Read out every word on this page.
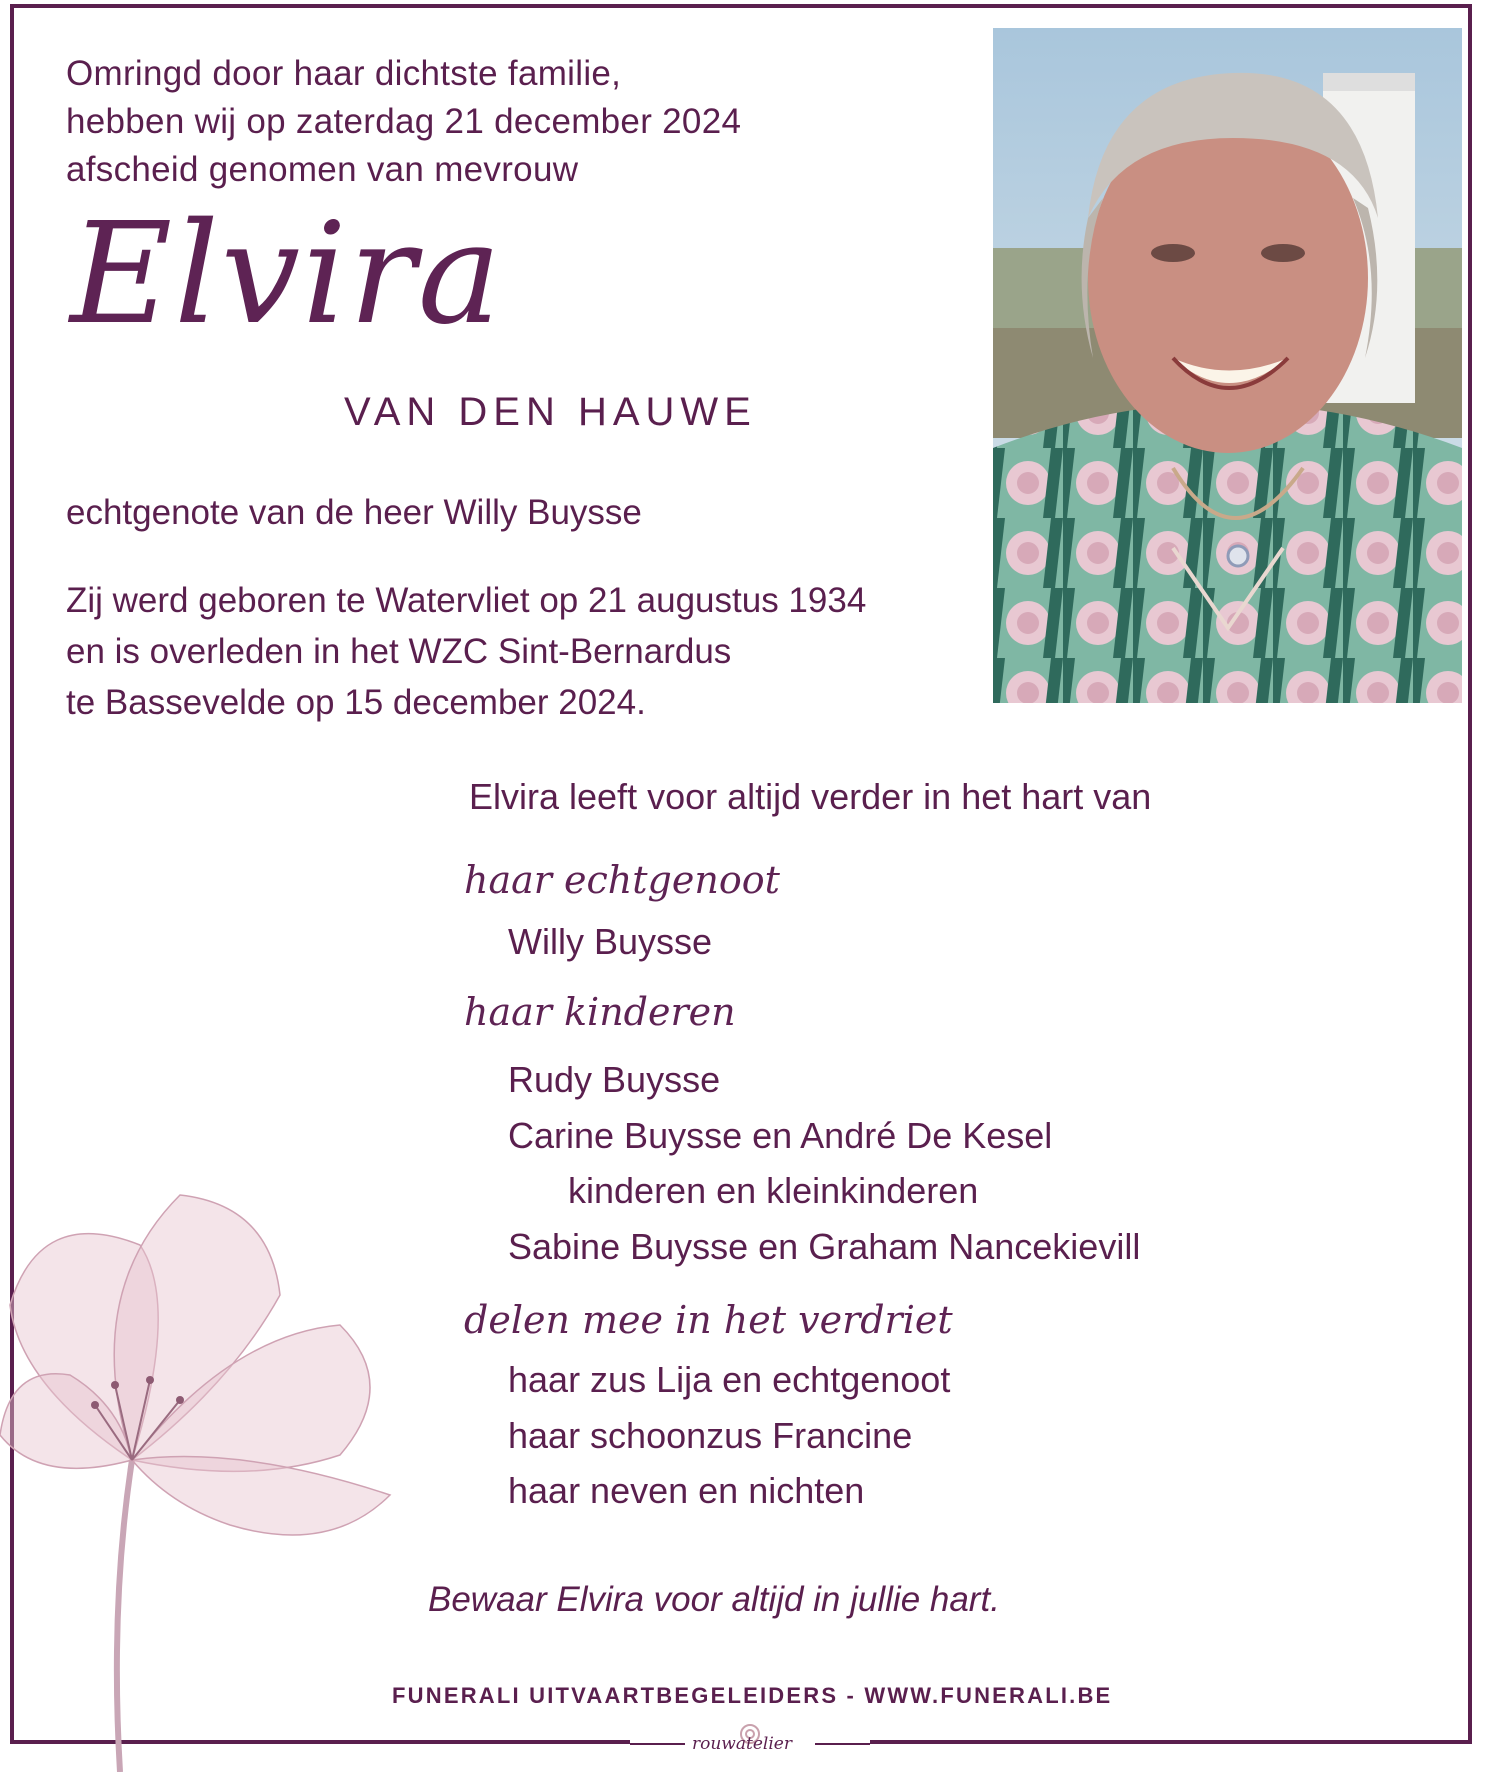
Omringd door haar dichtste familie,
hebben wij op zaterdag 21 december 2024
afscheid genomen van mevrouw

Elvira
VAN DEN HAUWE

echtgenote van de heer Willy Buysse

Zij werd geboren te Watervliet op 21 augustus 1934
en is overleden in het WZC Sint-Bernardus
te Bassevelde op 15 december 2024.

Elvira leeft voor altijd verder in het hart van

haar echtgenoot

Willy Buysse

haar kinderen

Rudy Buysse
Carine Buysse en André De Kesel
kinderen en kleinkinderen
Sabine Buysse en Graham Nancekievill

delen mee in het verdriet

haar zus Lija en echtgenoot
haar schoonzus Francine
haar neven en nichten

Bewaar Elvira voor altijd in jullie hart.

FUNERALI UITVAARTBEGELEIDERS - WWW.FUNERALI.BE

rouwatelier
